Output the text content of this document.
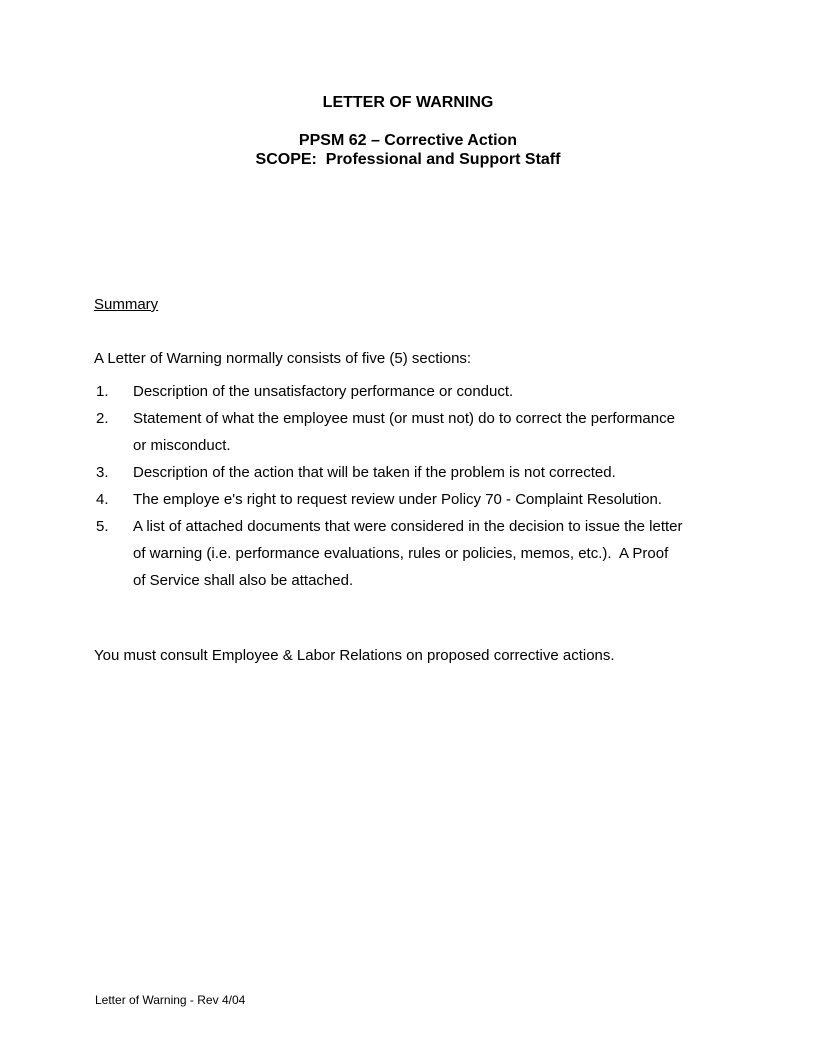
LETTER OF WARNING
PPSM 62 – Corrective Action
SCOPE:  Professional and Support Staff
Summary
A Letter of Warning normally consists of five (5) sections:
1.	Description of the unsatisfactory performance or conduct.
2.	Statement of what the employee must (or must not) do to correct the performance
or misconduct.
3.	Description of the action that will be taken if the problem is not corrected.
4.	The employe e's right to request review under Policy 70 - Complaint Resolution.
5.	A list of attached documents that were considered in the decision to issue the letter
of warning (i.e. performance evaluations, rules or policies, memos, etc.).  A Proof
of Service shall also be attached.
You must consult Employee & Labor Relations on proposed corrective actions.
Letter of Warning - Rev 4/04
